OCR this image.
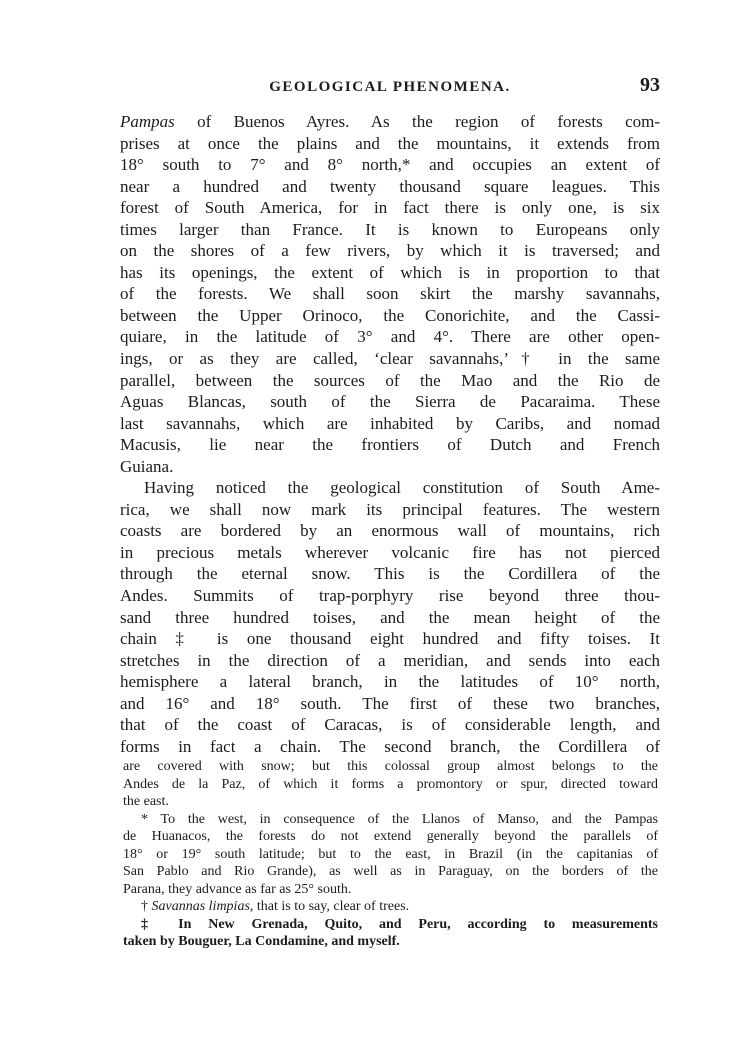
GEOLOGICAL PHENOMENA.	93
Pampas of Buenos Ayres. As the region of forests com-
prises at once the plains and the mountains, it extends from
18° south to 7° and 8° north,* and occupies an extent of
near a hundred and twenty thousand square leagues. This
forest of South America, for in fact there is only one, is six
times larger than France. It is known to Europeans only
on the shores of a few rivers, by which it is traversed; and
has its openings, the extent of which is in proportion to that
of the forests. We shall soon skirt the marshy savannahs,
between the Upper Orinoco, the Conorichite, and the Cassi-
quiare, in the latitude of 3° and 4°. There are other open-
ings, or as they are called, ‘clear savannahs,’† in the same
parallel, between the sources of the Mao and the Rio de
Aguas Blancas, south of the Sierra de Pacaraima. These
last savannahs, which are inhabited by Caribs, and nomad
Macusis, lie near the frontiers of Dutch and French
Guiana.
Having noticed the geological constitution of South Ame-
rica, we shall now mark its principal features. The western
coasts are bordered by an enormous wall of mountains, rich
in precious metals wherever volcanic fire has not pierced
through the eternal snow. This is the Cordillera of the
Andes. Summits of trap-porphyry rise beyond three thou-
sand three hundred toises, and the mean height of the
chain ‡ is one thousand eight hundred and fifty toises. It
stretches in the direction of a meridian, and sends into each
hemisphere a lateral branch, in the latitudes of 10° north,
and 16° and 18° south. The first of these two branches,
that of the coast of Caracas, is of considerable length, and
forms in fact a chain. The second branch, the Cordillera of
are covered with snow; but this colossal group almost belongs to the
Andes de la Paz, of which it forms a promontory or spur, directed toward
the east.
* To the west, in consequence of the Llanos of Manso, and the Pampas
de Huanacos, the forests do not extend generally beyond the parallels of
18° or 19° south latitude; but to the east, in Brazil (in the capitanias of
San Pablo and Rio Grande), as well as in Paraguay, on the borders of the
Parana, they advance as far as 25° south.
† Savannas limpias, that is to say, clear of trees.
‡ In New Grenada, Quito, and Peru, according to measurements
taken by Bouguer, La Condamine, and myself.
